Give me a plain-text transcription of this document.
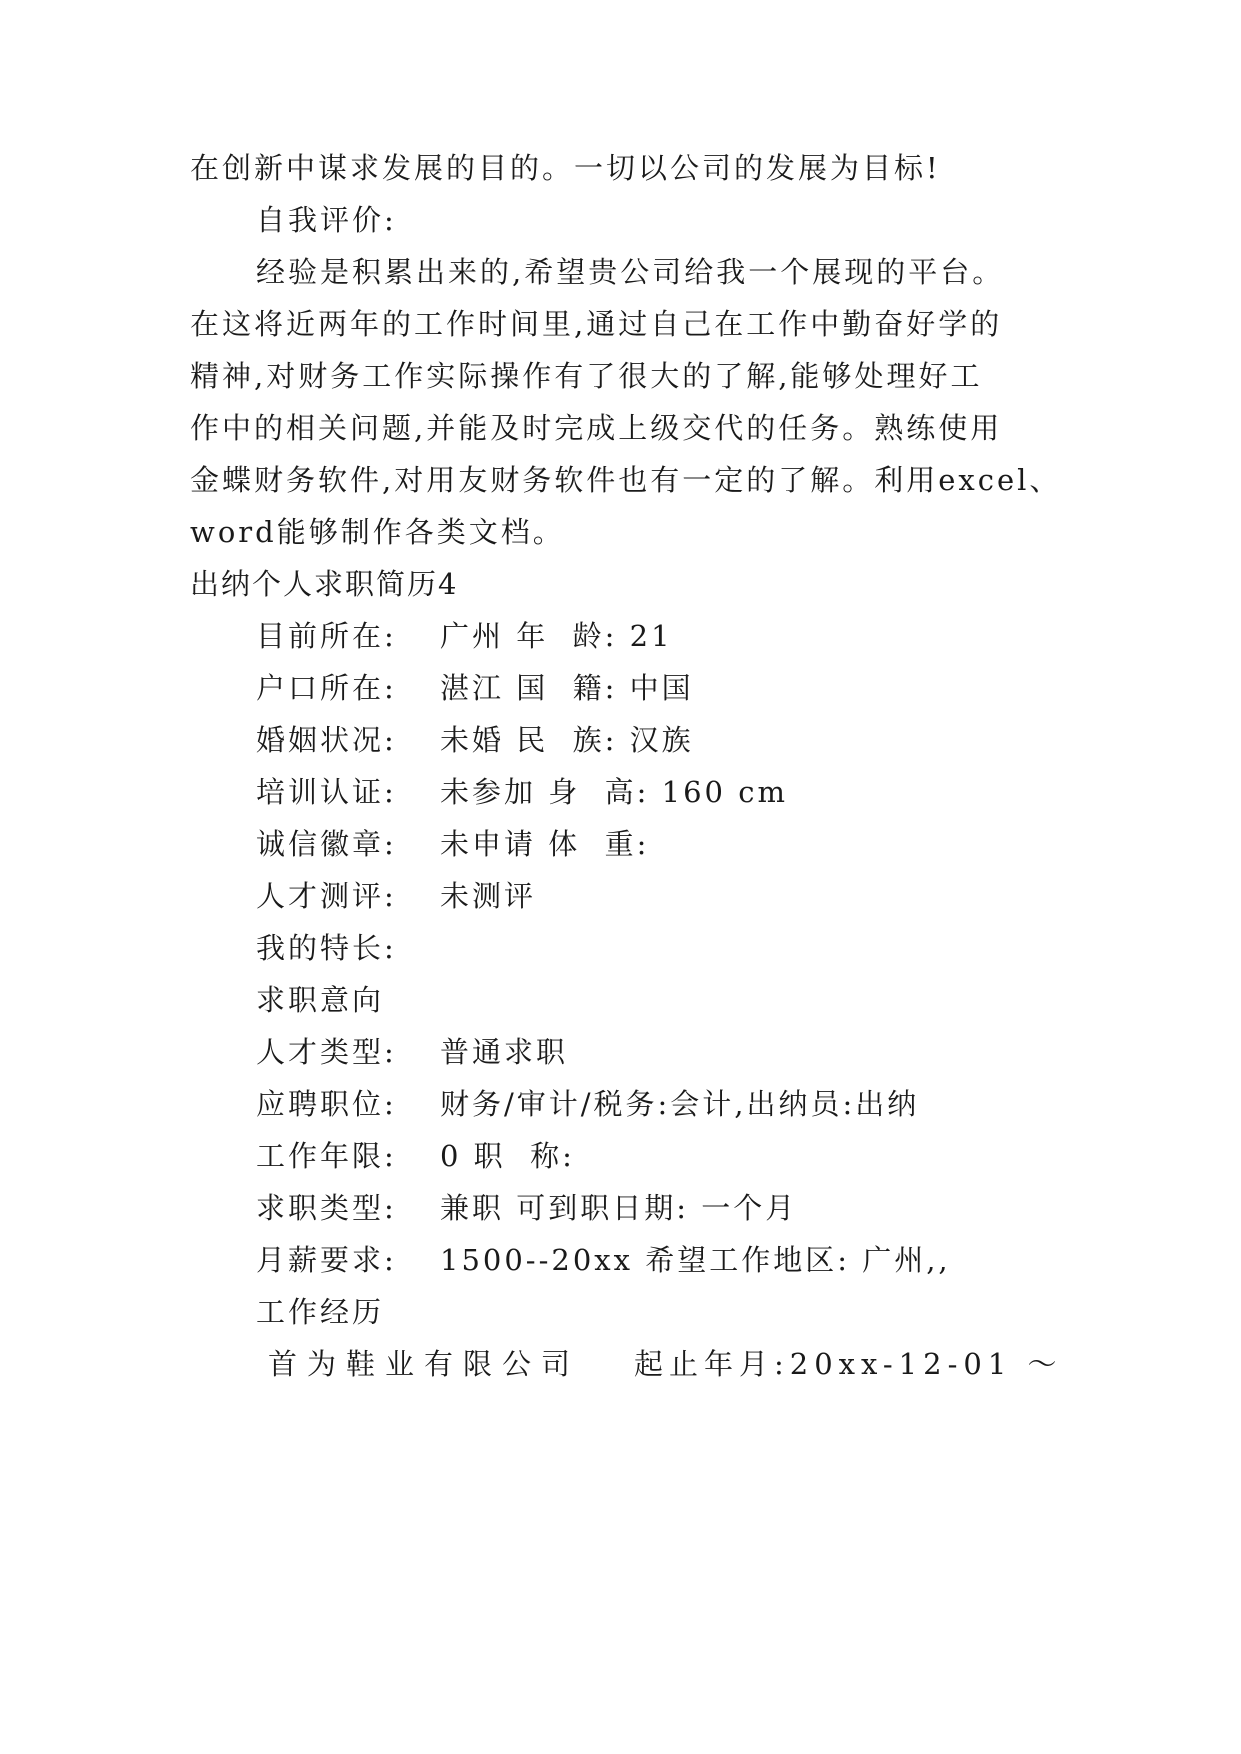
在创新中谋求发展的目的。一切以公司的发展为目标!
自我评价:
经验是积累出来的,希望贵公司给我一个展现的平台。
在这将近两年的工作时间里,通过自己在工作中勤奋好学的
精神,对财务工作实际操作有了很大的了解,能够处理好工
作中的相关问题,并能及时完成上级交代的任务。熟练使用
金蝶财务软件,对用友财务软件也有一定的了解。利用excel、
word能够制作各类文档。
出纳个人求职简历4
目前所在: 广州 年  龄: 21
户口所在: 湛江 国  籍: 中国
婚姻状况: 未婚 民  族: 汉族
培训认证: 未参加 身  高: 160 cm
诚信徽章: 未申请 体  重:
人才测评: 未测评
我的特长:
求职意向
人才类型: 普通求职
应聘职位: 财务/审计/税务:会计,出纳员:出纳
工作年限: 0 职  称:
求职类型: 兼职 可到职日期: 一个月
月薪要求: 1500--20xx 希望工作地区: 广州,,
工作经历
首为鞋业有限公司 起止年月:20xx-12-01 ～
